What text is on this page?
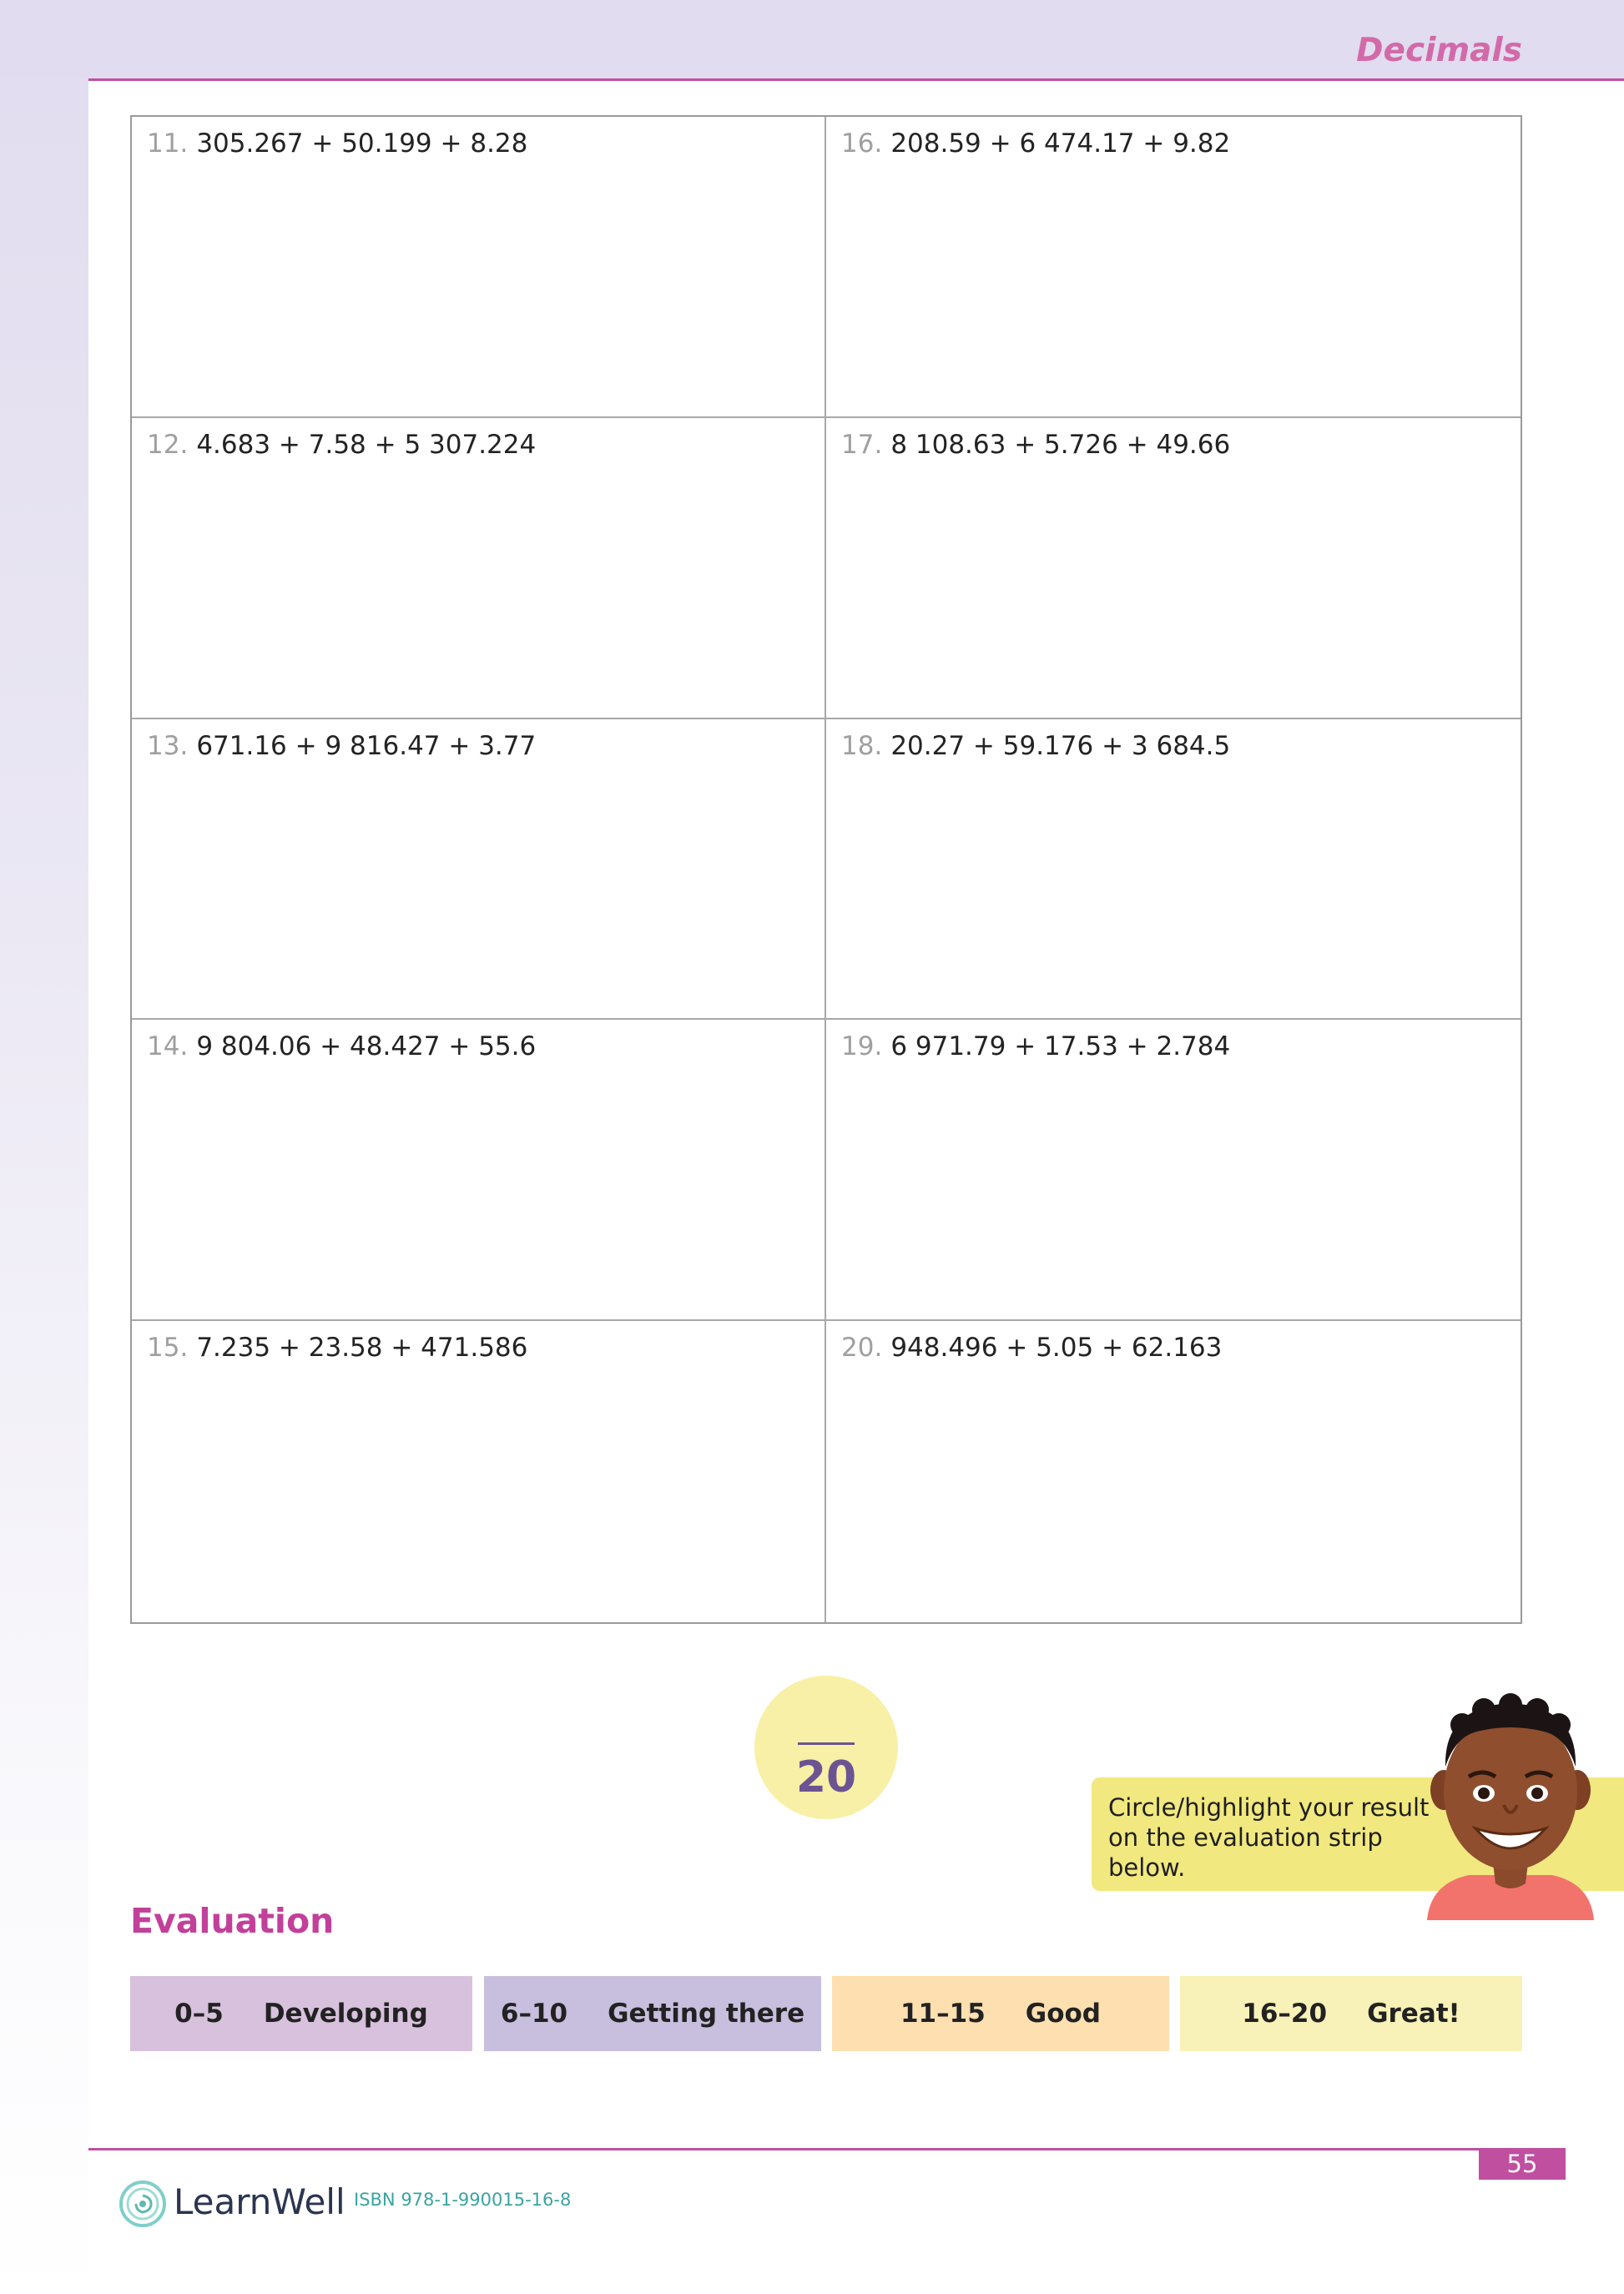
Decimals
11. 305.267 + 50.199 + 8.28	16. 208.59 + 6 474.17 + 9.82
12. 4.683 + 7.58 + 5 307.224	17. 8 108.63 + 5.726 + 49.66
13. 671.16 + 9 816.47 + 3.77	18. 20.27 + 59.176 + 3 684.5
14. 9 804.06 + 48.427 + 55.6	19. 6 971.79 + 17.53 + 2.784
15. 7.235 + 23.58 + 471.586	20. 948.496 + 5.05 + 62.163
20
Circle/highlight your result
on the evaluation strip
below.
Evaluation
0–5 Developing	6–10 Getting there	11–15 Good	16–20 Great!
55
LearnWell ISBN 978-1-990015-16-8
